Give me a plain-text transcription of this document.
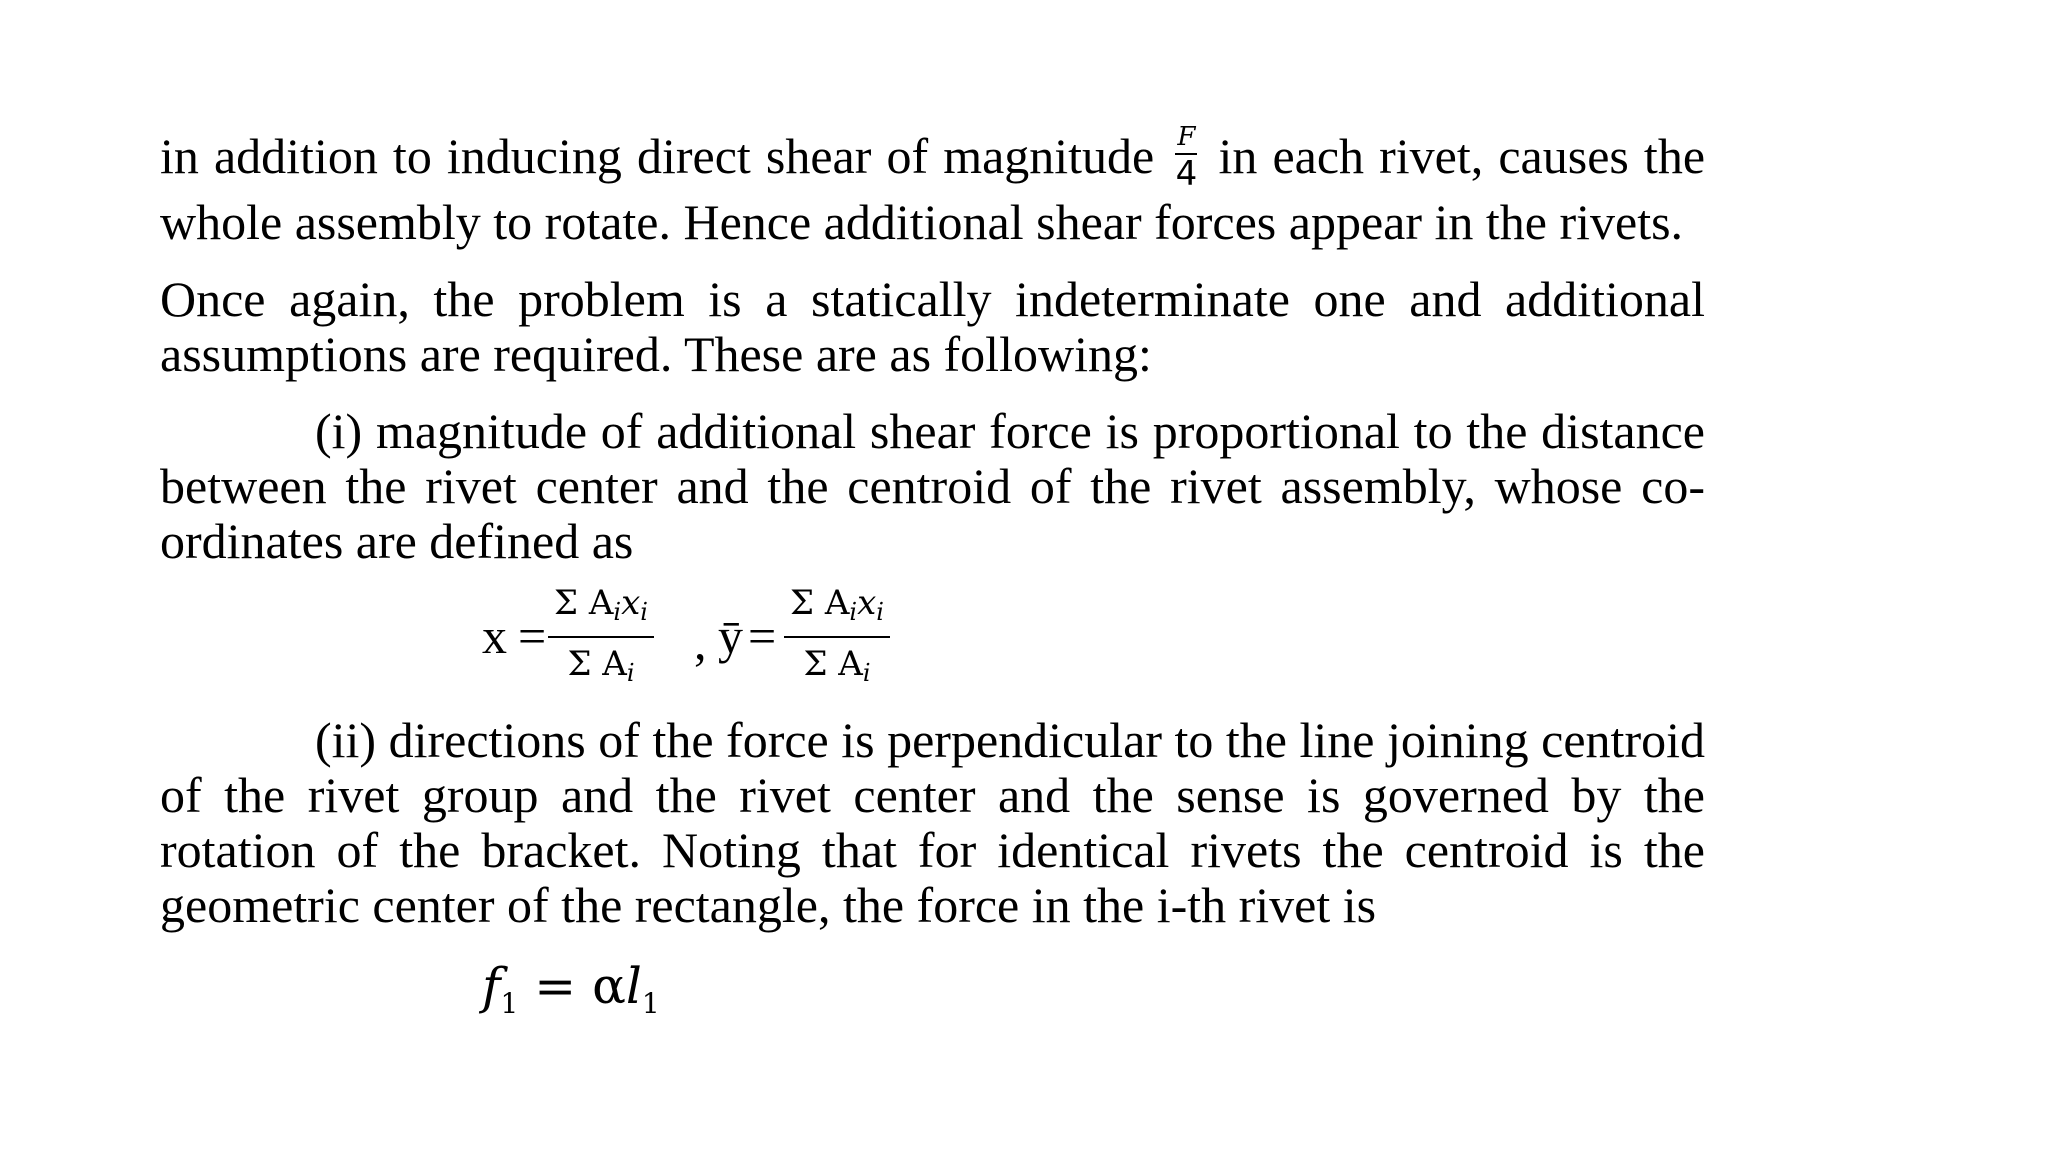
in addition to inducing direct shear of magnitude $\frac{F}{4}$ in each rivet, causes the whole assembly to rotate. Hence additional shear forces appear in the rivets.

Once again, the problem is a statically indeterminate one and additional assumptions are required. These are as following:

(i) magnitude of additional shear force is proportional to the distance between the rivet center and the centroid of the rivet assembly, whose co-ordinates are defined as

x =
Σ $A_ix_i$
Σ $A_i$
, ȳ =
Σ $A_ix_i$
Σ $A_i$

(ii) directions of the force is perpendicular to the line joining centroid of the rivet group and the rivet center and the sense is governed by the rotation of the bracket. Noting that for identical rivets the centroid is the geometric center of the rectangle, the force in the i-th rivet is

$f_1 = \alpha l_1$
